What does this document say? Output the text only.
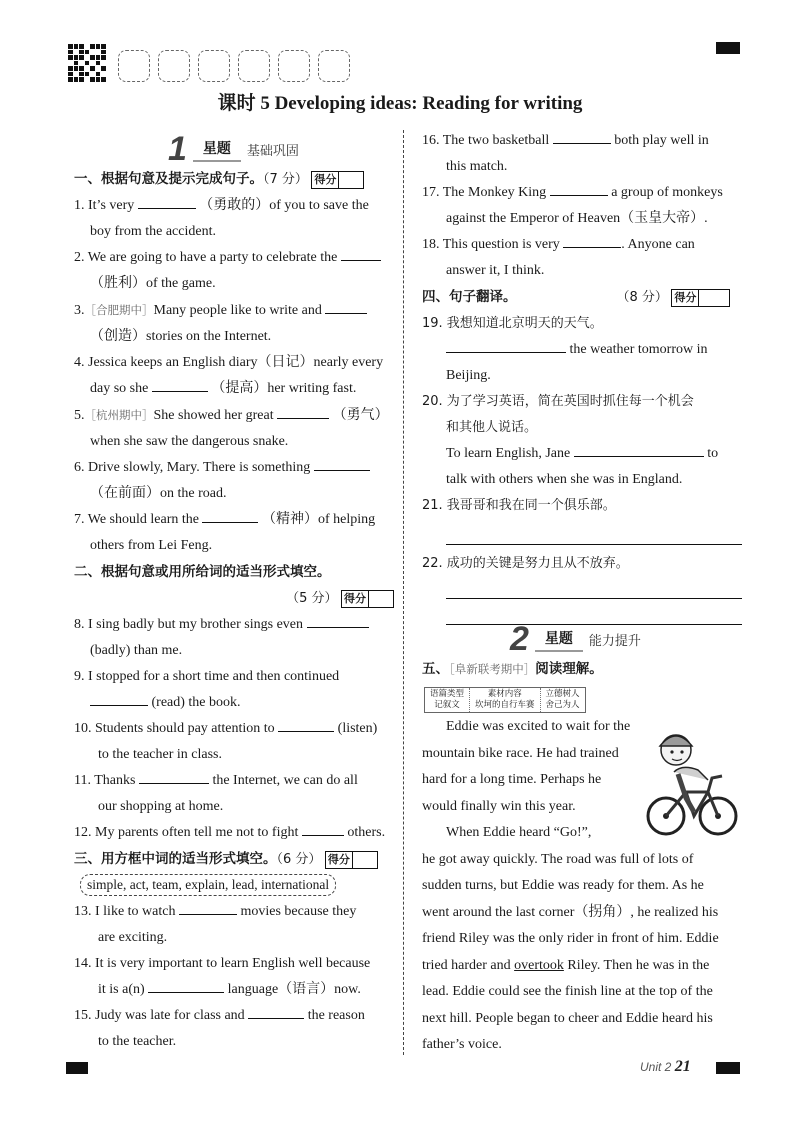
课时 5 Developing ideas: Reading for writing
1	星题	基础巩固
一、根据句意及提示完成句子。（7 分） 得分
1. It’s very	（勇敢的）of you to save the
boy from the accident.
2. We are going to have a party to celebrate the
（胜利）of the game.
3.［合肥期中］Many people like to write and
（创造）stories on the Internet.
4. Jessica keeps an English diary（日记）nearly every
day so she	（提高）her writing fast.
5.［杭州期中］She showed her great	（勇气）
when she saw the dangerous snake.
6. Drive slowly, Mary. There is something
（在前面）on the road.
7. We should learn the	（精神）of helping
others from Lei Feng.
二、根据句意或用所给词的适当形式填空。
（5 分） 得分
8. I sing badly but my brother sings even
(badly) than me.
9. I stopped for a short time and then continued
(read) the book.
10. Students should pay attention to	(listen)
to the teacher in class.
11. Thanks	the Internet, we can do all
our shopping at home.
12. My parents often tell me not to fight	others.
三、用方框中词的适当形式填空。（6 分） 得分
simple, act, team, explain, lead, international
13. I like to watch	movies because they
are exciting.
14. It is very important to learn English well because
it is a(n)	language（语言）now.
15. Judy was late for class and	the reason
to the teacher.
16. The two basketball	both play well in
this match.
17. The Monkey King	a group of monkeys
against the Emperor of Heaven（玉皇大帝）.
18. This question is very	. Anyone can
answer it, I think.
四、句子翻译。	（8 分） 得分
19. 我想知道北京明天的天气。
the weather tomorrow in
Beijing.
20. 为了学习英语，简在英国时抓住每一个机会
和其他人说话。
To learn English, Jane	to
talk with others when she was in England.
21. 我哥哥和我在同一个俱乐部。
22. 成功的关键是努力且从不放弃。
2	星题	能力提升
五、［阜新联考期中］阅读理解。
语篇类型
记叙文
素材内容
坎坷的自行车赛
立德树人
舍己为人
Eddie was excited to wait for the
mountain bike race. He had trained
hard for a long time. Perhaps he
would finally win this year.
When Eddie heard “Go!”,
he got away quickly. The road was full of lots of
sudden turns, but Eddie was ready for them. As he
went around the last corner（拐角）, he realized his
friend Riley was the only rider in front of him. Eddie
tried harder and overtook Riley. Then he was in the
lead. Eddie could see the finish line at the top of the
next hill. People began to cheer and Eddie heard his
father’s voice.
Unit 2 21
